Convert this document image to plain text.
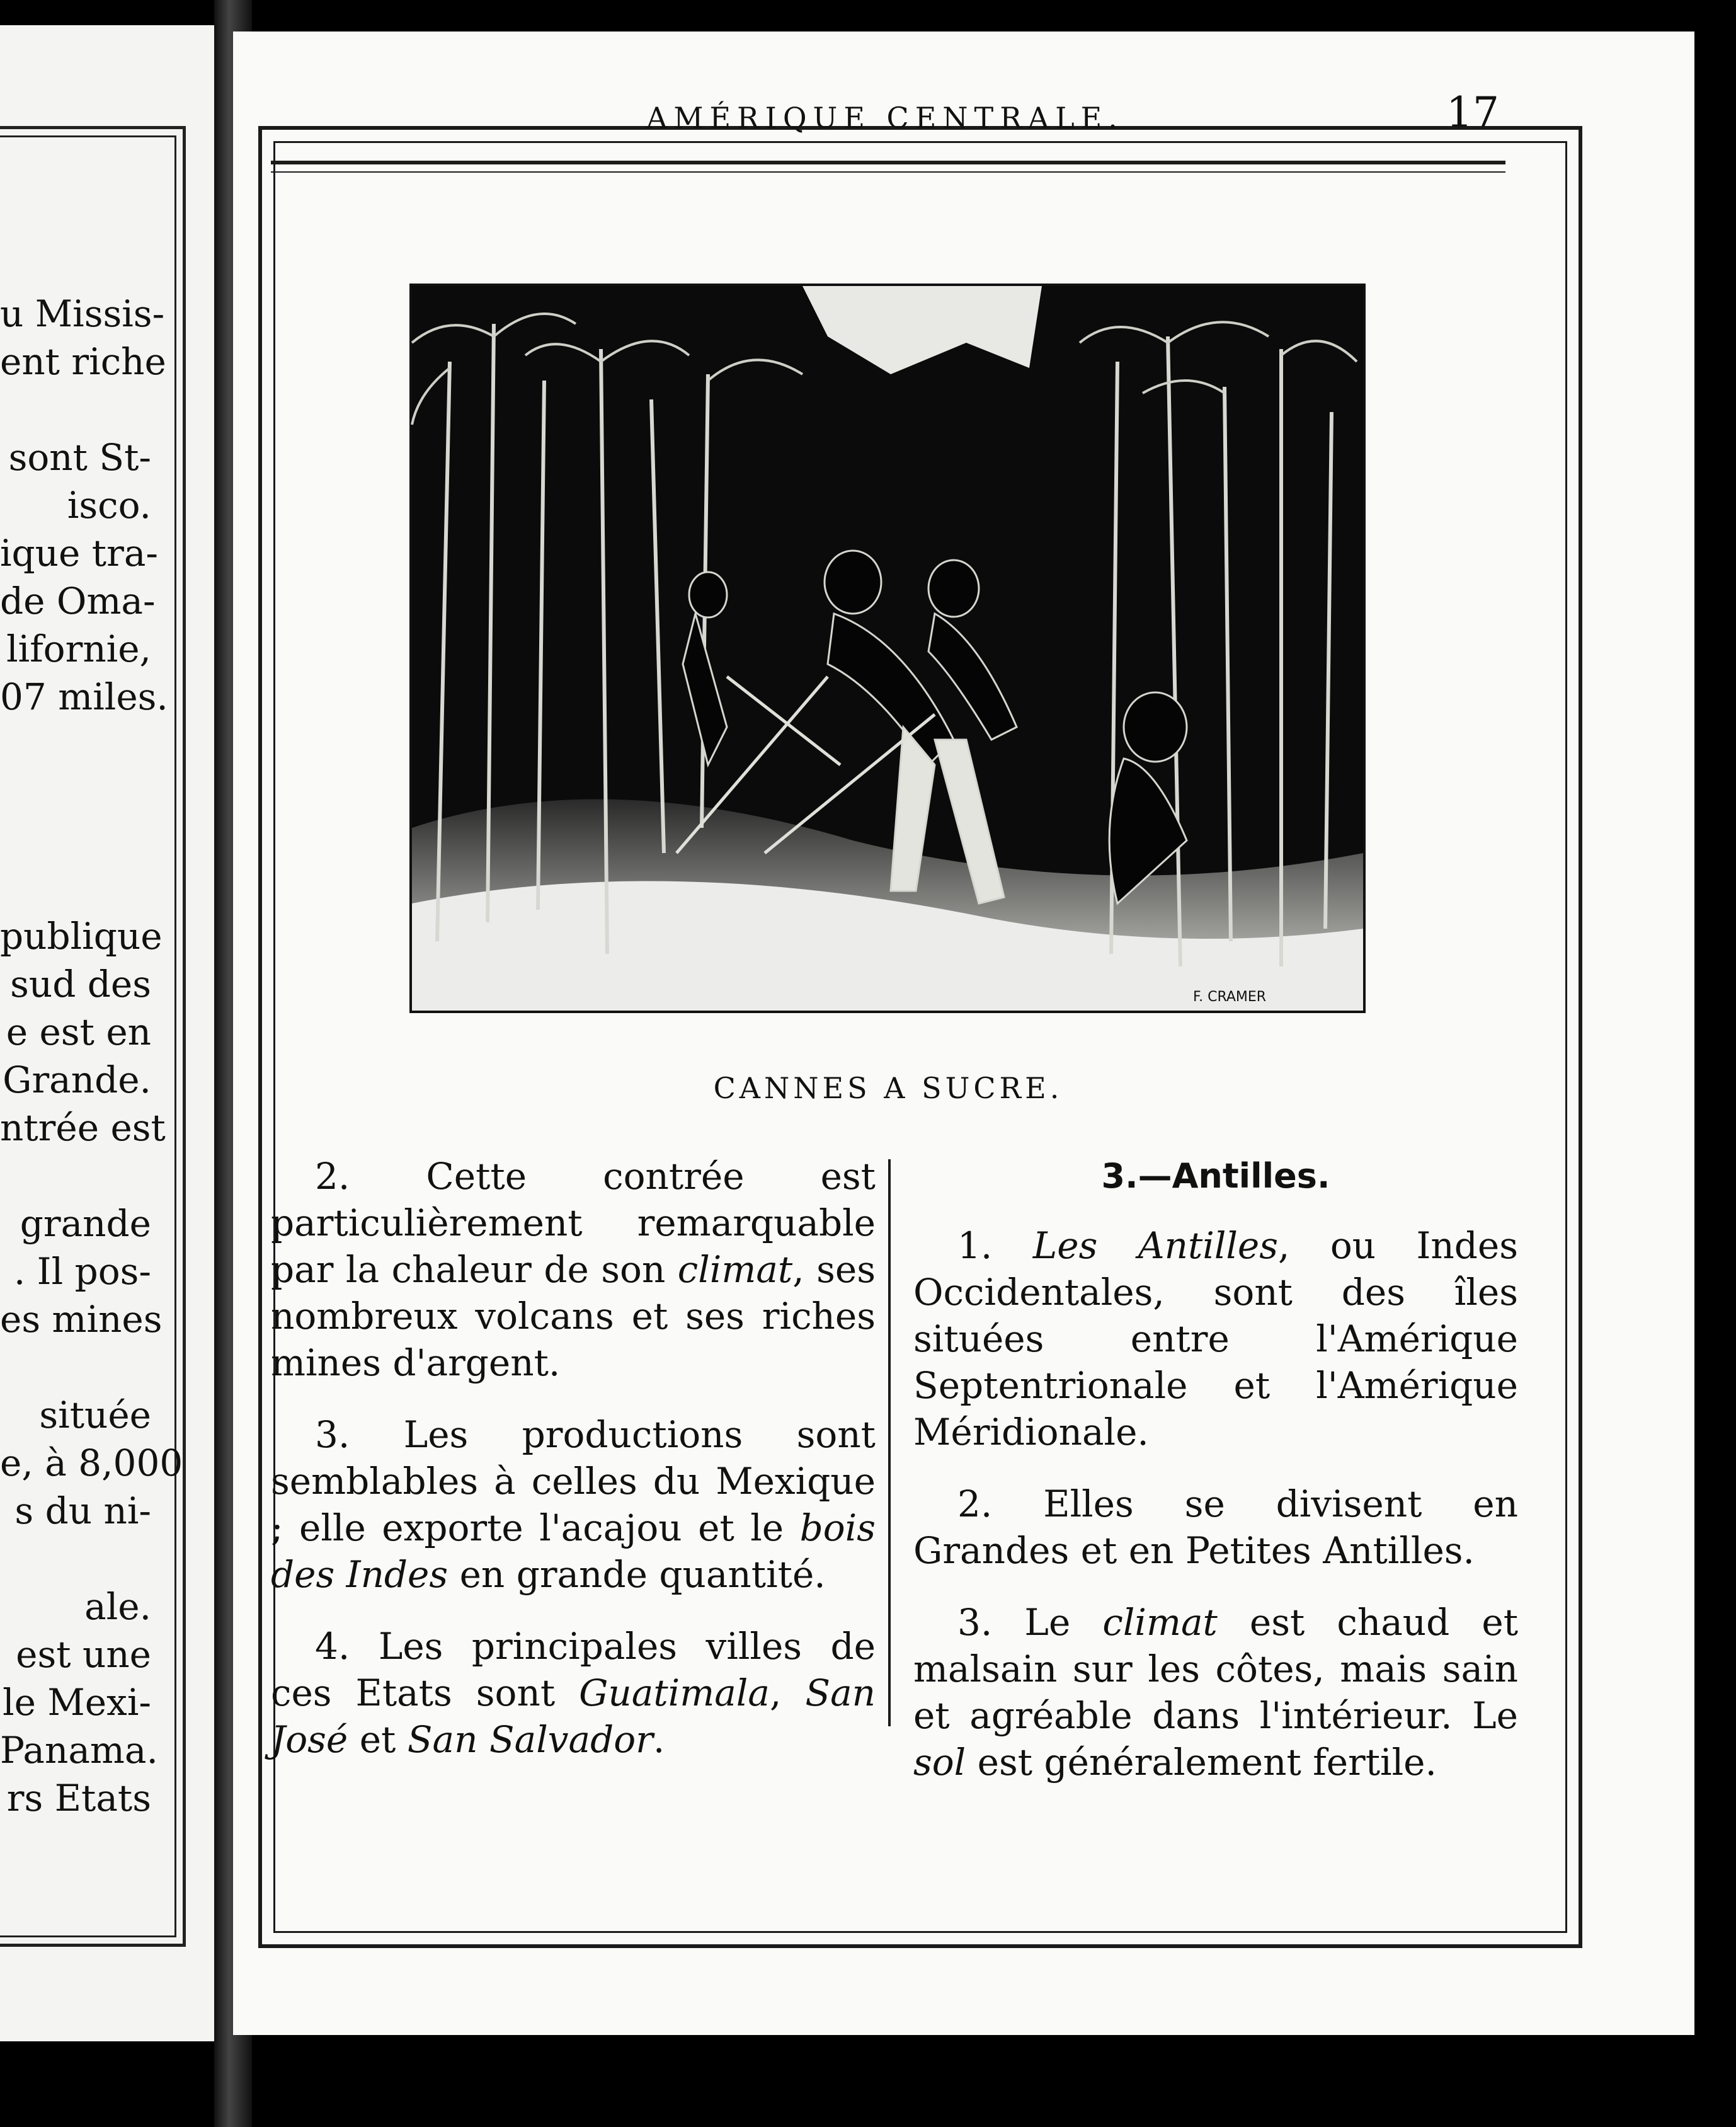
u Missis-
ent riche

sont St-
isco.
ique tra-
de Oma-
lifornie,
07 miles.

publique
sud des
e est en
Grande.
ntrée est

grande
. Il pos-
es mines

située
e, à 8,000
s du ni-

ale.
est une
le Mexi-
Panama.
rs Etats
AMÉRIQUE CENTRALE.	17
F. CRAMER
CANNES A SUCRE.

2. Cette contrée est particulièrement remarquable par la chaleur de son climat, ses nombreux volcans et ses riches mines d'argent.

3. Les productions sont semblables à celles du Mexique ; elle exporte l'acajou et le bois des Indes en grande quantité.

4. Les principales villes de ces Etats sont Guatimala, San José et San Salvador.

3.—Antilles.

1. Les Antilles, ou Indes Occidentales, sont des îles situées entre l'Amérique Septentrionale et l'Amérique Méridionale.

2. Elles se divisent en Grandes et en Petites Antilles.

3. Le climat est chaud et malsain sur les côtes, mais sain et agréable dans l'intérieur. Le sol est généralement fertile.
